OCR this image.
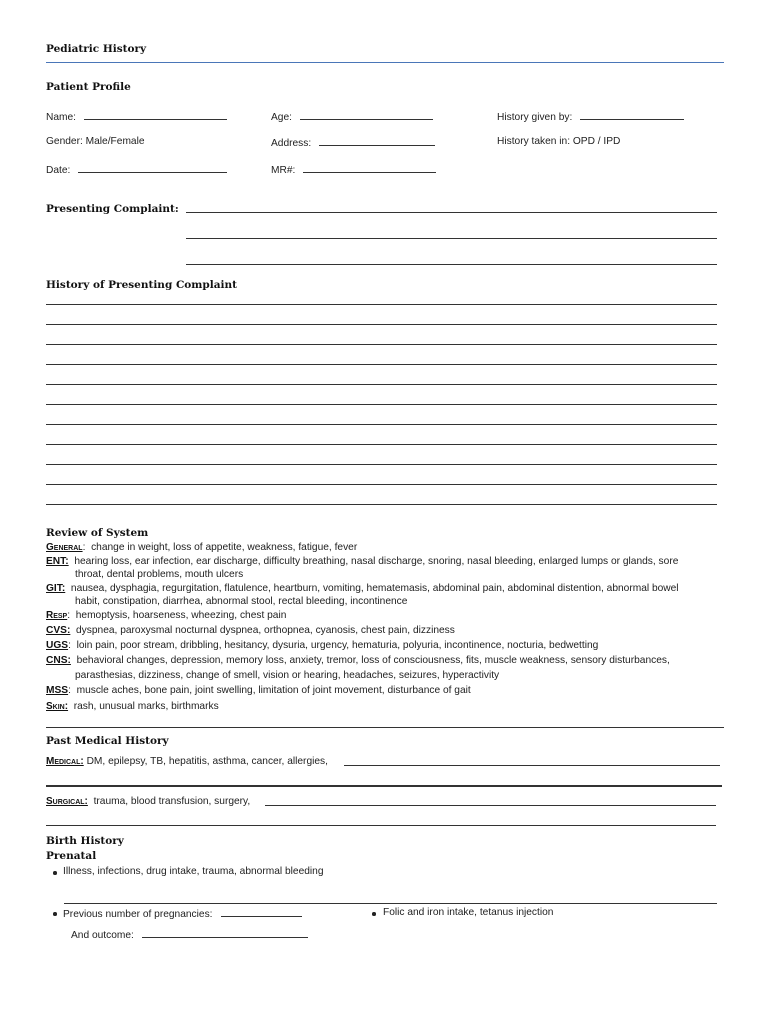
Pediatric History
Patient Profile
Name:	Age:	History given by:
Gender: Male/Female	Address:	History taken in: OPD / IPD
Date:	MR#:
Presenting Complaint:
History of Presenting Complaint
Review of System
General:  change in weight, loss of appetite, weakness, fatigue, fever
ENT: hearing loss, ear infection, ear discharge, difficulty breathing, nasal discharge, snoring, nasal bleeding, enlarged lumps or glands, sore
throat, dental problems, mouth ulcers
GIT: nausea, dysphagia, regurgitation, flatulence, heartburn, vomiting, hematemasis, abdominal pain, abdominal distention, abnormal bowel
habit, constipation, diarrhea, abnormal stool, rectal bleeding, incontinence
Resp:  hemoptysis, hoarseness, wheezing, chest pain
CVS: dyspnea, paroxysmal nocturnal dyspnea, orthopnea, cyanosis, chest pain, dizziness
UGS:  loin pain, poor stream, dribbling, hesitancy, dysuria, urgency, hematuria, polyuria, incontinence, nocturia, bedwetting
CNS: behavioral changes, depression, memory loss, anxiety, tremor, loss of consciousness, fits, muscle weakness, sensory disturbances,
parasthesias, dizziness, change of smell, vision or hearing, headaches, seizures, hyperactivity
MSS:  muscle aches, bone pain, joint swelling, limitation of joint movement, disturbance of gait
Skin: rash, unusual marks, birthmarks
Past Medical History
Medical: DM, epilepsy, TB, hepatitis, asthma, cancer, allergies,
Surgical: trauma, blood transfusion, surgery,
Birth History
Prenatal
Illness, infections, drug intake, trauma, abnormal bleeding
Previous number of pregnancies:	Folic and iron intake, tetanus injection
And outcome:
